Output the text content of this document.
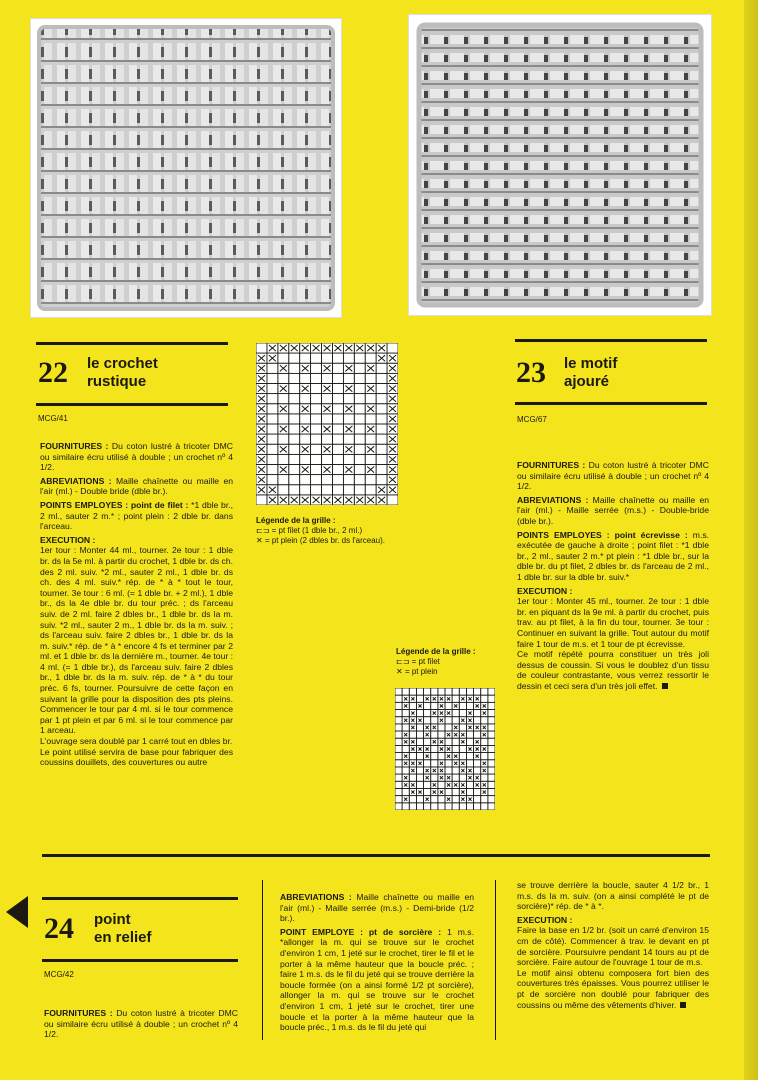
22 le crochet
rustique
MCG/41

FOURNITURES : Du coton lustré à tricoter DMC ou similaire écru utilisé à double ; un crochet nº 4 1/2.

ABREVIATIONS : Maille chaînette ou maille en l'air (ml.) - Double bride (dble br.).

POINTS EMPLOYES : point de filet : *1 dble br., 2 ml., sauter 2 m.* ; point plein : 2 dble br. dans l'arceau.

EXECUTION :

1er tour : Monter 44 ml., tourner. 2e tour : 1 dble br. ds la 5e ml. à partir du crochet, 1 dble br. ds ch. des 2 ml. suiv. *2 ml., sauter 2 ml., 1 dble br. ds ch. des 4 ml. suiv.* rép. de * à * tout le tour, tourner. 3e tour : 6 ml. (= 1 dble br. + 2 ml.), 1 dble br., ds la 4e dble br. du tour préc. ; ds l'arceau suiv. de 2 ml. faire 2 dbles br., 1 dble br. ds la m. suiv. *2 ml., sauter 2 m., 1 dble br. ds la m. suiv. ; ds l'arceau suiv. faire 2 dbles br., 1 dble br. ds la m. suiv.* rép. de * à * encore 4 fs et terminer par 2 ml. et 1 dble br. ds la dernière m., tourner. 4e tour : 4 ml. (= 1 dble br.), ds l'arceau suiv. faire 2 dbles br., 1 dble br. ds la m. suiv. rép. de * à * du tour préc. 6 fs, tourner. Poursuivre de cette façon en suivant la grille pour la disposition des pts pleins. Commencer le tour par 4 ml. si le tour commence par 1 pt plein et par 6 ml. si le tour commence par 1 arceau.

L'ouvrage sera doublé par 1 carré tout en dbles br.

Le point utilisé servira de base pour fabriquer des coussins douillets, des couvertures ou autre

Légende de la grille :
⊏⊐ = pt filet (1 dble br., 2 ml.)
✕ = pt plein (2 dbles br. ds l'arceau).
23 le motif
ajouré
MCG/67

FOURNITURES : Du coton lustré à tricoter DMC ou similaire écru utilisé à double ; un crochet nº 4 1/2.

ABREVIATIONS : Maille chaînette ou maille en l'air (ml.) - Maille serrée (m.s.) - Double-bride (dble br.).

POINTS EMPLOYES : point écrevisse : m.s. exécutée de gauche à droite ; point filet : *1 dble br., 2 ml., sauter 2 m.* pt plein : *1 dble br., sur la dble br. du pt filet, 2 dbles br. ds l'arceau de 2 ml., 1 dble br. sur la dble br. suiv.*

EXECUTION :

1er tour : Monter 45 ml., tourner. 2e tour : 1 dble br. en piquant ds la 9e ml. à partir du crochet, puis trav. au pt filet, à la fin du tour, tourner. 3e tour : Continuer en suivant la grille. Tout autour du motif faire 1 tour de m.s. et 1 tour de pt écrevisse.

Ce motif répété pourra constituer un très joli dessus de coussin. Si vous le doublez d'un tissu de couleur contrastante, vous verrez ressortir le dessin et ceci sera d'un très joli effet.

Légende de la grille :
⊏⊐ = pt filet
✕ = pt plein
24 point
en relief
MCG/42

FOURNITURES : Du coton lustré à tricoter DMC ou similaire écru utilisé à double ; un crochet nº 4 1/2.

ABREVIATIONS : Maille chaînette ou maille en l'air (ml.) - Maille serrée (m.s.) - Demi-bride (1/2 br.).

POINT EMPLOYE : pt de sorcière : 1 m.s. *allonger la m. qui se trouve sur le crochet d'environ 1 cm, 1 jeté sur le crochet, tirer le fil et le porter à la même hauteur que la boucle préc. ; faire 1 m.s. ds le fil du jeté qui se trouve derrière la boucle formée (on a ainsi formé 1/2 pt sorcière), allonger la m. qui se trouve sur le crochet d'environ 1 cm, 1 jeté sur le crochet, tirer une boucle et la porter à la même hauteur que la boucle préc., 1 m.s. ds le fil du jeté qui

se trouve derrière la boucle, sauter 4 1/2 br., 1 m.s. ds la m. suiv. (on a ainsi complété le pt de sorcière)* rép. de * à *.

EXECUTION :

Faire la base en 1/2 br. (soit un carré d'environ 15 cm de côté). Commencer à trav. le devant en pt de sorcière. Poursuivre pendant 14 tours au pt de sorcière. Faire autour de l'ouvrage 1 tour de m.s.

Le motif ainsi obtenu composera fort bien des couvertures très épaisses. Vous pourrez utiliser le pt de sorcière non doublé pour fabriquer des coussins ou même des vêtements d'hiver.
